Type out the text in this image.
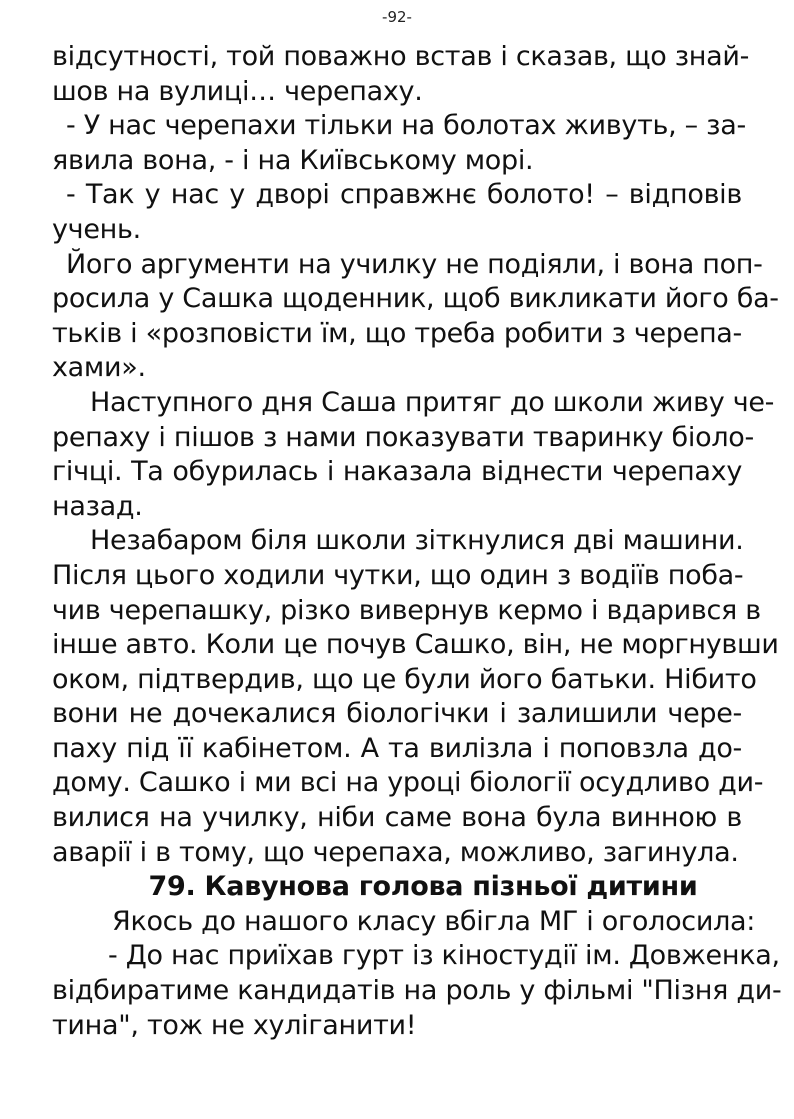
-92-
відсутності, той поважно встав і сказав, що знай-
шов на вулиці… черепаху.
- У нас черепахи тільки на болотах живуть, – за-
явила вона, - і на Київському морі.
- Так у нас у дворі справжнє болото! – відповів
учень.
Його аргументи на училку не подіяли, і вона поп-
росила у Сашка щоденник, щоб викликати його ба-
тьків і «розповісти їм, що треба робити з черепа-
хами».
Наступного дня Саша притяг до школи живу че-
репаху і пішов з нами показувати тваринку біоло-
гічці. Та обурилась і наказала віднести черепаху
назад.
Незабаром біля школи зіткнулися дві машини.
Після цього ходили чутки, що один з водіїв поба-
чив черепашку, різко вивернув кермо і вдарився в
інше авто. Коли це почув Сашко, він, не моргнувши
оком, підтвердив, що це були його батьки. Нібито
вони не дочекалися біологічки і залишили чере-
паху під її кабінетом. А та вилізла і поповзла до-
дому. Сашко і ми всі на уроці біології осудливо ди-
вилися на училку, ніби саме вона була винною в
аварії і в тому, що черепаха, можливо, загинула.
79. Кавунова голова пізньої дитини
Якось до нашого класу вбігла МГ і оголосила:
- До нас приїхав гурт із кіностудії ім. Довженка,
відбиратиме кандидатів на роль у фільмі "Пізня ди-
тина", тож не хуліганити!
